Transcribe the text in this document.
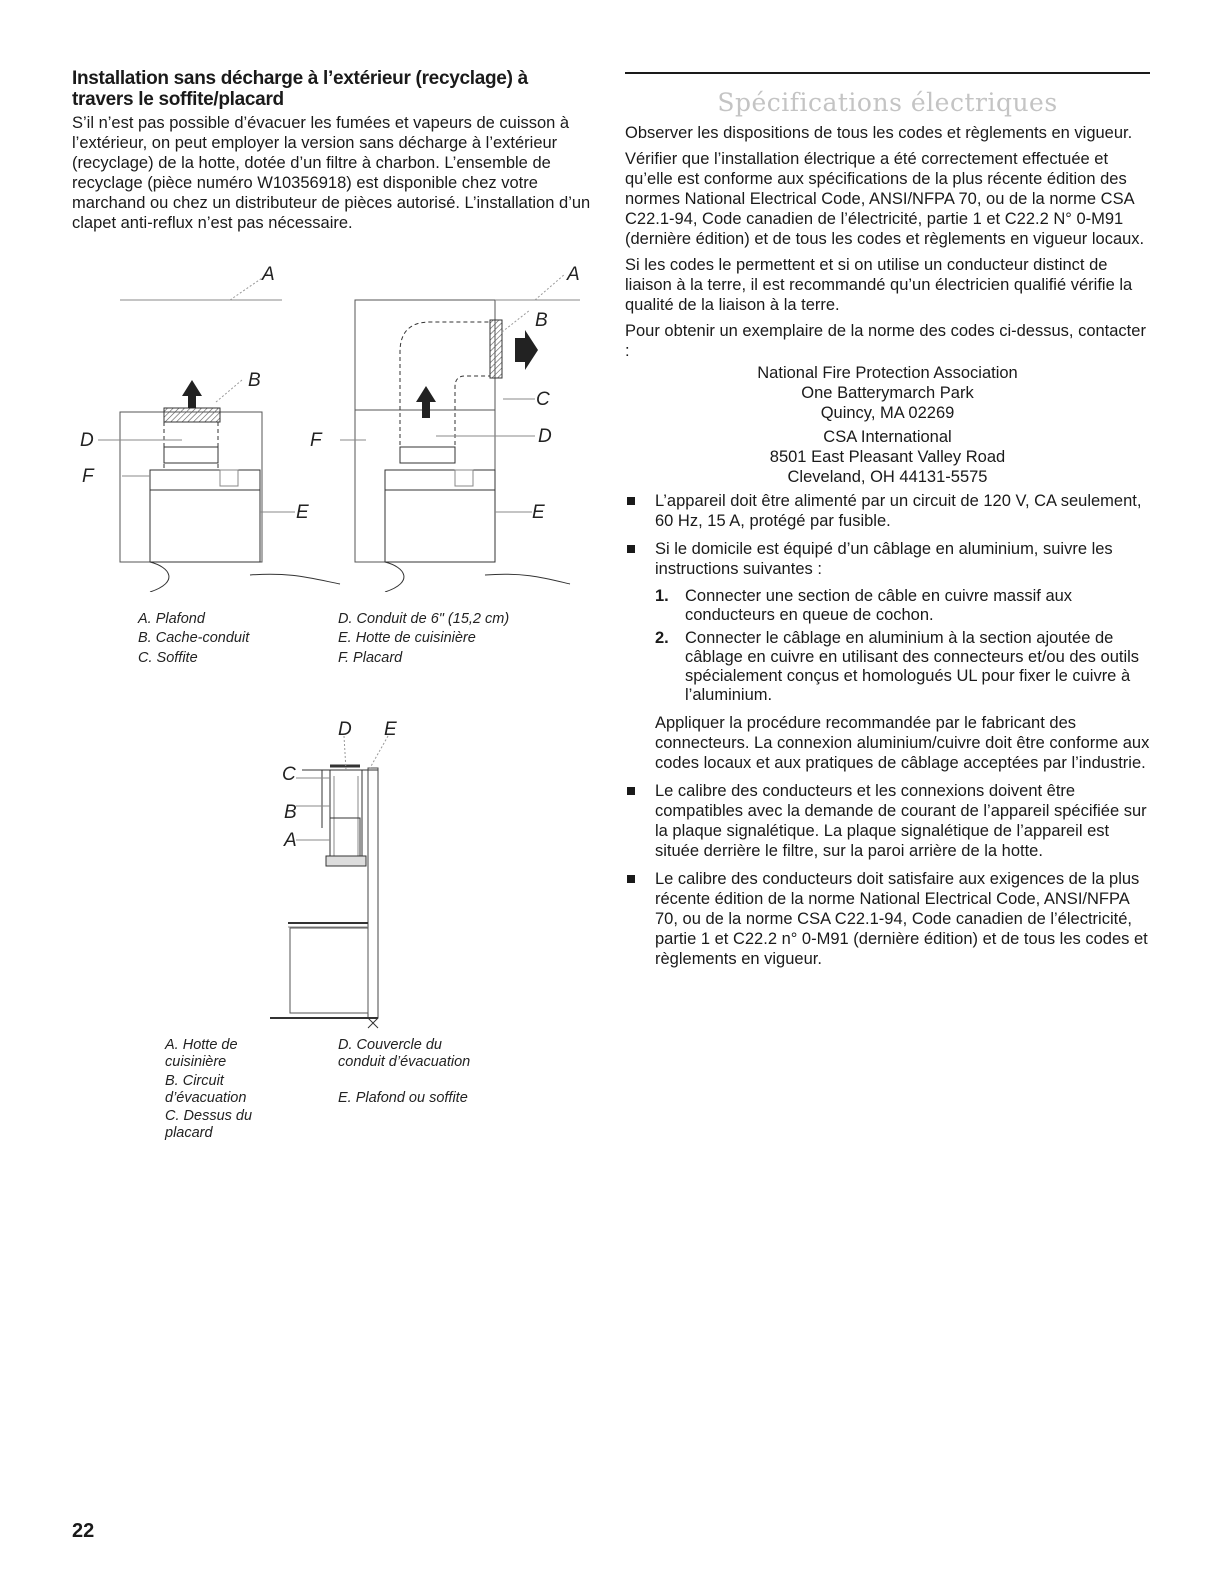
Installation sans décharge à l’extérieur (recyclage) à travers le soffite/placard

S’il n’est pas possible d’évacuer les fumées et vapeurs de cuisson à l’extérieur, on peut employer la version sans décharge à l’extérieur (recyclage) de la hotte, dotée d’un filtre à charbon. L’ensemble de recyclage (pièce numéro W10356918) est disponible chez votre marchand ou chez un distributeur de pièces autorisé. L’installation d’un clapet anti-reflux n’est pas nécessaire.

A
B
D
F
E
F
A
B
C
D
E
A. Plafond
B. Cache-conduit
C. Soffite
D. Conduit de 6" (15,2 cm)
E. Hotte de cuisinière
F. Placard
D E
C
B
A
A. Hotte de cuisinière
B. Circuit d’évacuation
C. Dessus du placard
D. Couvercle du conduit d’évacuation
E. Plafond ou soffite
Spécifications électriques

Observer les dispositions de tous les codes et règlements en vigueur.

Vérifier que l’installation électrique a été correctement effectuée et qu’elle est conforme aux spécifications de la plus récente édition des normes National Electrical Code, ANSI/NFPA 70, ou de la norme CSA C22.1-94, Code canadien de l’électricité, partie 1 et C22.2 N° 0-M91 (dernière édition) et de tous les codes et règlements en vigueur locaux.

Si les codes le permettent et si on utilise un conducteur distinct de liaison à la terre, il est recommandé qu’un électricien qualifié vérifie la qualité de la liaison à la terre.

Pour obtenir un exemplaire de la norme des codes ci-dessus, contacter :

National Fire Protection Association
One Batterymarch Park
Quincy, MA 02269
CSA International
8501 East Pleasant Valley Road
Cleveland, OH 44131-5575
L’appareil doit être alimenté par un circuit de 120 V, CA seulement, 60 Hz, 15 A, protégé par fusible.
Si le domicile est équipé d’un câblage en aluminium, suivre les instructions suivantes :
1. Connecter une section de câble en cuivre massif aux conducteurs en queue de cochon.
2. Connecter le câblage en aluminium à la section ajoutée de câblage en cuivre en utilisant des connecteurs et/ou des outils spécialement conçus et homologués UL pour fixer le cuivre à l’aluminium.
Appliquer la procédure recommandée par le fabricant des connecteurs. La connexion aluminium/cuivre doit être conforme aux codes locaux et aux pratiques de câblage acceptées par l’industrie.
Le calibre des conducteurs et les connexions doivent être compatibles avec la demande de courant de l’appareil spécifiée sur la plaque signalétique. La plaque signalétique de l’appareil est située derrière le filtre, sur la paroi arrière de la hotte.
Le calibre des conducteurs doit satisfaire aux exigences de la plus récente édition de la norme National Electrical Code, ANSI/NFPA 70, ou de la norme CSA C22.1-94, Code canadien de l’électricité, partie 1 et C22.2 n° 0-M91 (dernière édition) et de tous les codes et règlements en vigueur.
22
